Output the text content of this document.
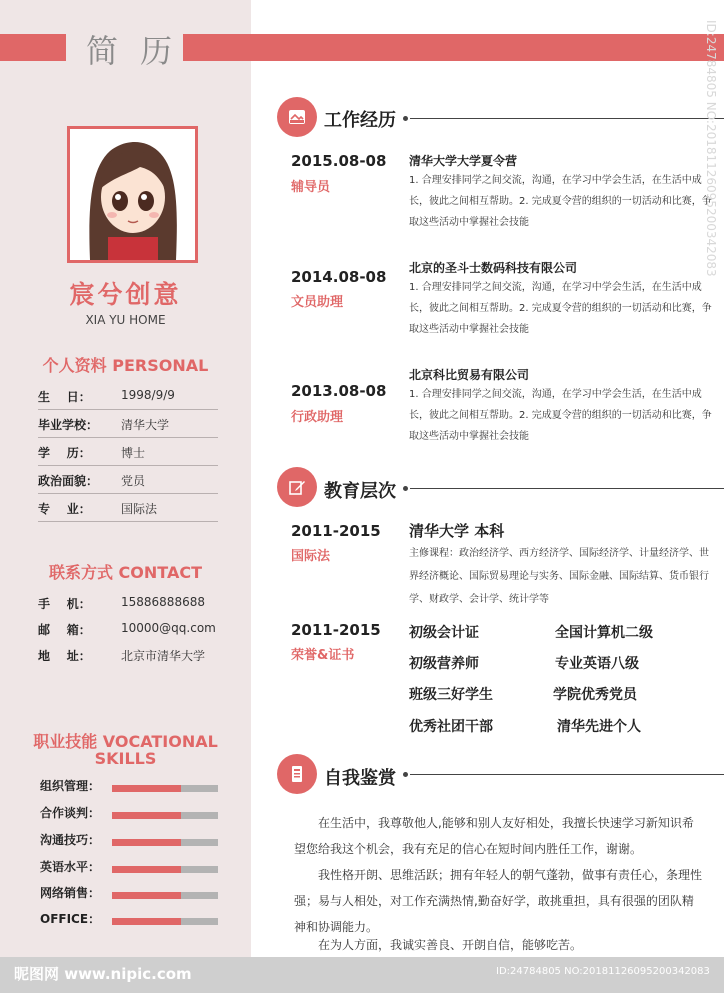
简 历
宸兮创意
XIA YU HOME
个人资料 PERSONAL
生    日：	1998/9/9
毕业学校： 清华大学
学    历：	博士
政治面貌： 党员
专    业：	国际法
联系方式 CONTACT
手    机：	15886888688
邮    箱：	10000@qq.com
地    址：	北京市清华大学
职业技能 VOCATIONAL
SKILLS
组织管理：
合作谈判：
沟通技巧：
英语水平：
网络销售：
OFFICE：
工作经历
2015.08-08
辅导员
清华大学大学夏令营
1. 合理安排同学之间交流，沟通，在学习中学会生活，在生活中成长，彼此之间相互帮助。2. 完成夏令营的组织的一切活动和比赛，争取这些活动中掌握社会技能
2014.08-08
文员助理
北京的圣斗士数码科技有限公司
1. 合理安排同学之间交流，沟通，在学习中学会生活，在生活中成长，彼此之间相互帮助。2. 完成夏令营的组织的一切活动和比赛，争取这些活动中掌握社会技能
2013.08-08
行政助理
北京科比贸易有限公司
1. 合理安排同学之间交流，沟通，在学习中学会生活，在生活中成长，彼此之间相互帮助。2. 完成夏令营的组织的一切活动和比赛，争取这些活动中掌握社会技能
教育层次
2011-2015
国际法
清华大学 本科
主修课程：政治经济学、西方经济学、国际经济学、计量经济学、世界经济概论、国际贸易理论与实务、国际金融、国际结算、货币银行学、财政学、会计学、统计学等
2011-2015
荣誉&证书
初级会计证	全国计算机二级
初级营养师	专业英语八级
班级三好学生	学院优秀党员
优秀社团干部	清华先进个人
自我鉴赏
在生活中，我尊敬他人,能够和别人友好相处，我擅长快速学习新知识希望您给我这个机会，我有充足的信心在短时间内胜任工作，谢谢。
我性格开朗、思维活跃；拥有年轻人的朝气蓬勃，做事有责任心，条理性强；易与人相处，对工作充满热情,勤奋好学，敢挑重担，具有很强的团队精神和协调能力。
在为人方面，我诚实善良、开朗自信，能够吃苦。
昵图网 www.nipic.com	ID:24784805 NO:20181126095200342083
ID:24784805 NO:20181126095200342083
